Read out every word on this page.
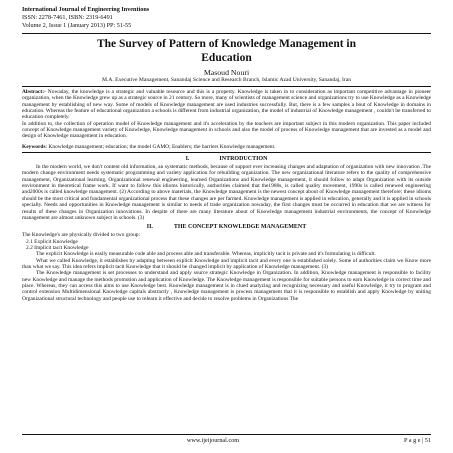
International Journal of Engineering Inventions

ISSN: 2278-7461, ISBN: 2319-6491

Volume 2, Issue 1 (January 2013) PP: 51-55

The Survey of Pattern of Knowledge Management in
Education

Masoud Nouri

M.A. Executive Management, Sanandaj Science and Research Branch, Islamic Azad University, Sanandaj, Iran

Abstract:- Nowaday, the knowledge is a strategic and valuable resource and this is a property. Knowledge is taken in to consideration as important competitive advantage in pioneer organization, when the Knowledge grew up as a strategic source in 21 century. So more, many of scientists of management science and organizations try to use Knowledge as a Knowledge management by establishing of new way. Some of models of Knowledge management are used industries successfully. But, there is a few samples a bout of Knowledge in domains in education. Whereas the feature of educational organization a schools is different from industrial organization, the model of industrial of Knowledge management , couldn't be transferred to education completely.

In addition to, the collection of operation model of Knowledge management and it's acceleration by the teachers are important subject in this modern organization. This paper included concept of Knowledge management variety of Knowledge, Knowledge management in schools and also the model of process of Knowledge management that are invested as a model and design of Knowledge management in education.

Keywords: Knowledge management; education; the model GAMO; Enablers; the barriers Knowledge management.

I.                    INTRODUCTION

In the modern world, we don't content old information, an systematic methods, because of support ever increasing changes and adaptation of organization with new innovation .The modern change environment needs systematic programming and variety application for rebuilding organization. The new organizational literature refers to the quality of comprehensive management, Organizational learning, Organizational renewal engineering, learned Organizations and Knowledge management, it should follow to adapt Organization with its outside environment in theoretical frame work. If want to follow this idioms historically, authorities claimed that the1980s, is called quality movement, 1990s is called renewed engineering and2000s is called knowledge management. (2) According to above materials, the Knowledge management is the newest concept about of Knowledge management therefore; these idioms should be the most critical and fundamental organizational process that these changes are per farmed. Knowledge management is applied in education, generally and it is applied in schools specially. Needs and opportunities in Knowledge management is similar to needs of trade organization nowaday, the first changes must be occurred in education that we are witness for results of these changes in Organization innovations. In despite of there are many literature about of Knowledge management industrial environments, the concept of Knowledge management are almost unknown subject in schools. (3)

II.              THE CONCEPT KNOWLEDGE MANAGEMENT

The Knowledge's are physically divided to two group:

2.1 Explicit Knowledge

2.2 Implicit tacit Knowledge

The explicit Knowledge is easily measurable code able and process able and transferable. Whereas, implicitly tacit is private and it's formulating is difficult.

What we called Knowledge, it establishes by adapting between explicit Knowledge and implicit tacit and every one is established solely. Some of authorities claim we Know more than what we say. This idea refers implicit tacit Knowledge that it should be changed implicit by application of Knowledge management. (3)

The Knowledge management is set processes to understand and apply source strategic Knowledge in Organization. In addition, Knowledge management is responsible to facility new Knowledge and manage the methods promotion and application of Knowledge. The Knowledge management is responsible for suitable persons to earn Knowledge in correct time and place. Whereas, they can access this aims to use Knowledge best. Knowledge management is in clued analyzing and recognizing necessary and useful Knowledge, it try to program and control extension Multidimensional Knowledge capitals abstractly , Knowledge management is process management that it is responsible to establish and apply Knowledge by uniting Organizational structural technology and people use to relearn it effective and decide to resolve problems in Organizations The

www.ijeijournal.com	P a g e | 51
